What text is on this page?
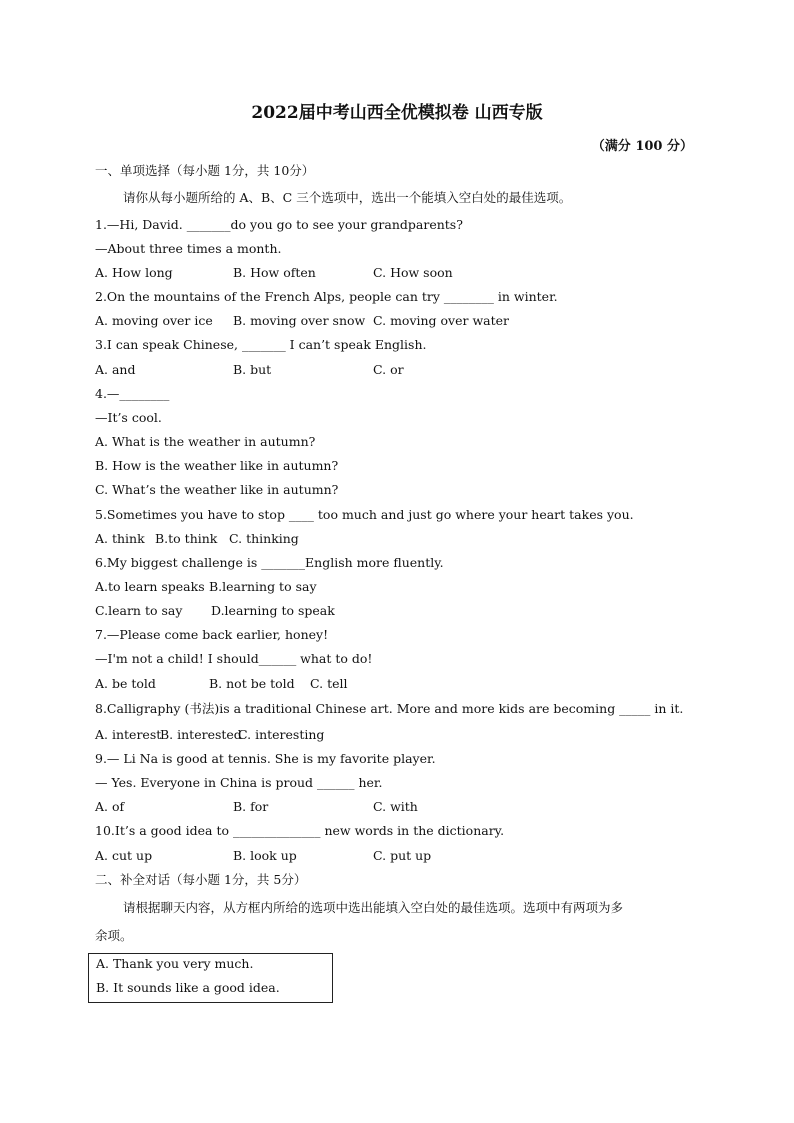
2022届中考山西全优模拟卷 山西专版
（满分 100 分）
一、单项选择（每小题 1分，共 10分）
请你从每小题所给的 A、B、C 三个选项中，选出一个能填入空白处的最佳选项。
1.—Hi, David. _______do you go to see your grandparents?
—About three times a month.
A. How long	B. How often	C. How soon
2.On the mountains of the French Alps, people can try ________ in winter.
A. moving over ice B. moving over snow C. moving over water
3.I can speak Chinese, _______ I can’t speak English.
A. and	B. but	C. or
4.—________
—It’s cool.
A. What is the weather in autumn?
B. How is the weather like in autumn?
C. What’s the weather like in autumn?
5.Sometimes you have to stop ____ too much and just go where your heart takes you.
A. think B.to think C. thinking
6.My biggest challenge is _______English more fluently.
A.to learn speaks B.learning to say
C.learn to say D.learning to speak
7.—Please come back earlier, honey!
—I'm not a child! I should______ what to do!
A. be told	B. not be told C. tell
8.Calligraphy (书法)is a traditional Chinese art. More and more kids are becoming _____ in it.
A. interest
B. interested
C. interesting
9.— Li Na is good at tennis. She is my favorite player.
— Yes. Everyone in China is proud ______ her.
A. of	B. for	C. with
10.It’s a good idea to ______________ new words in the dictionary.
A. cut up	B. look up	C. put up
二、补全对话（每小题 1分，共 5分）
请根据聊天内容，从方框内所给的选项中选出能填入空白处的最佳选项。选项中有两项为多
余项。
A. Thank you very much.
B. It sounds like a good idea.
